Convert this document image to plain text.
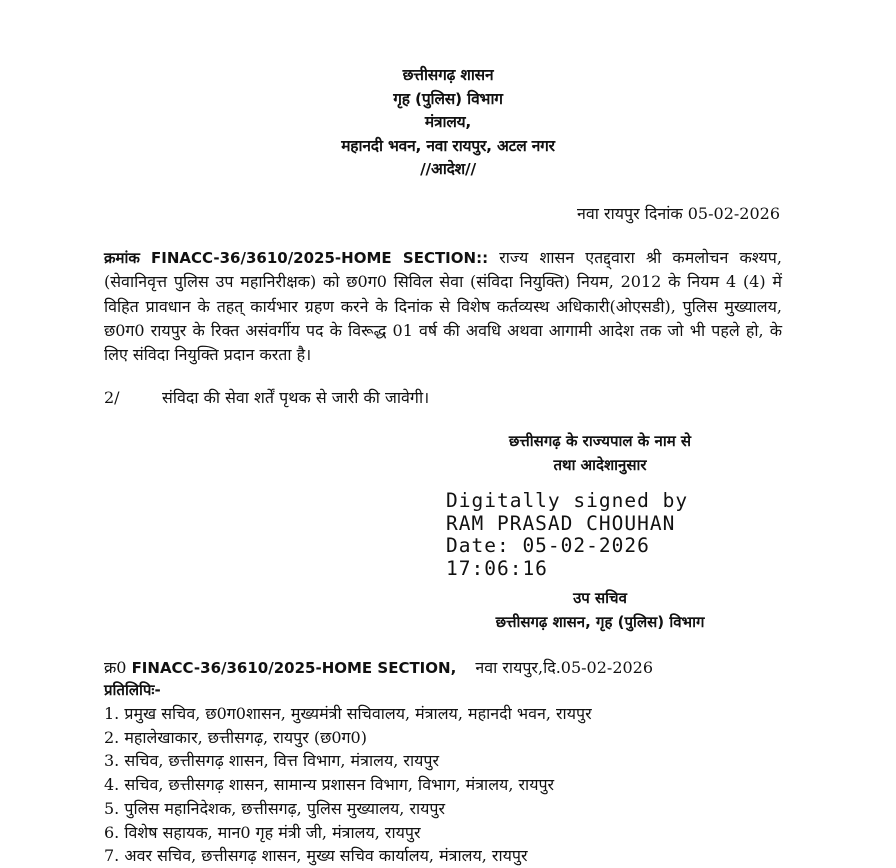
छत्तीसगढ़ शासन
गृह (पुलिस) विभाग
मंत्रालय,
महानदी भवन, नवा रायपुर, अटल नगर
//आदेश//
नवा रायपुर दिनांक 05-02-2026
क्रमांक FINACC-36/3610/2025-HOME SECTION:: राज्य शासन एतद्द्वारा श्री कमलोचन कश्यप,(सेवानिवृत्त पुलिस उप महानिरीक्षक) को छ0ग0 सिविल सेवा (संविदा नियुक्ति) नियम, 2012 के नियम 4 (4) में विहित प्रावधान के तहत् कार्यभार ग्रहण करने के दिनांक से विशेष कर्तव्यस्थ अधिकारी(ओएसडी), पुलिस मुख्यालय, छ0ग0 रायपुर के रिक्त असंवर्गीय पद के विरूद्ध 01 वर्ष की अवधि अथवा आगामी आदेश तक जो भी पहले हो, के लिए संविदा नियुक्ति प्रदान करता है।
2/	संविदा की सेवा शर्तें पृथक से जारी की जावेगी।
छत्तीसगढ़ के राज्यपाल के नाम से
तथा आदेशानुसार
Digitally signed by
RAM PRASAD CHOUHAN
Date: 05-02-2026
17:06:16
उप सचिव
छत्तीसगढ़ शासन, गृह (पुलिस) विभाग
क्र0 FINACC-36/3610/2025-HOME SECTION, नवा रायपुर,दि.05-02-2026
प्रतिलिपिः-
1. प्रमुख सचिव, छ0ग0शासन, मुख्यमंत्री सचिवालय, मंत्रालय, महानदी भवन, रायपुर
2. महालेखाकार, छत्तीसगढ़, रायपुर (छ0ग0)
3. सचिव, छत्तीसगढ़ शासन, वित्त विभाग, मंत्रालय, रायपुर
4. सचिव, छत्तीसगढ़ शासन, सामान्य प्रशासन विभाग, विभाग, मंत्रालय, रायपुर
5. पुलिस महानिदेशक, छत्तीसगढ़, पुलिस मुख्यालय, रायपुर
6. विशेष सहायक, मान0 गृह मंत्री जी, मंत्रालय, रायपुर
7. अवर सचिव, छत्तीसगढ़ शासन, मुख्य सचिव कार्यालय, मंत्रालय, रायपुर
